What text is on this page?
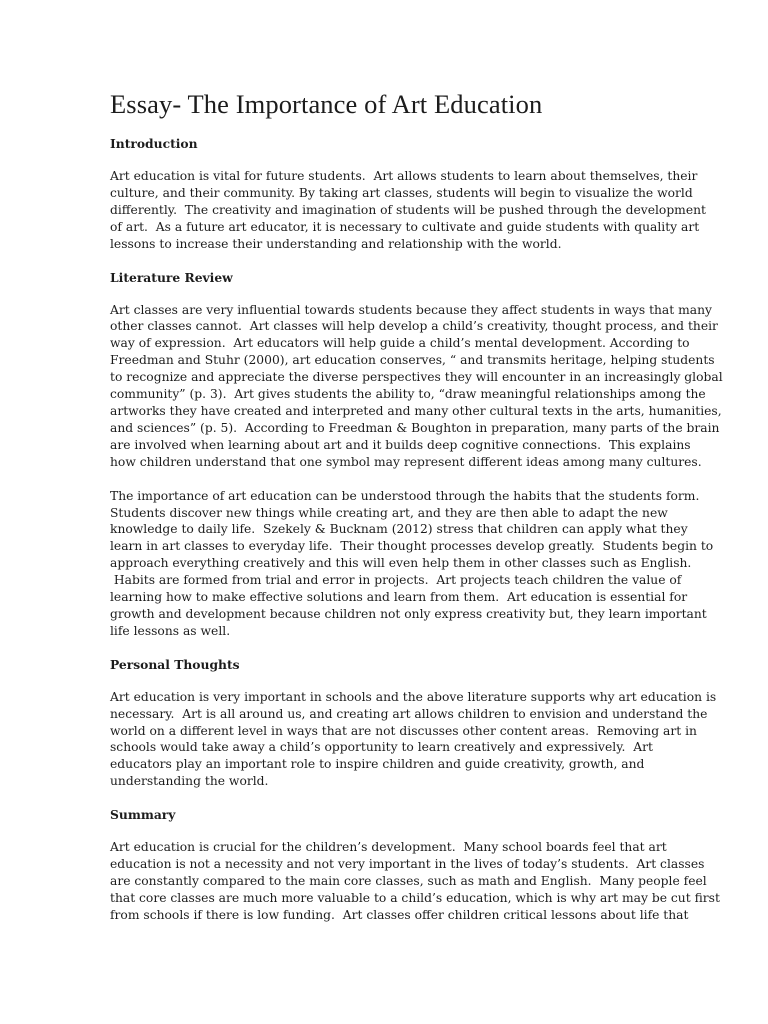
Essay- The Importance of Art Education
Introduction
Art education is vital for future students.  Art allows students to learn about themselves, their
culture, and their community. By taking art classes, students will begin to visualize the world
differently.  The creativity and imagination of students will be pushed through the development
of art.  As a future art educator, it is necessary to cultivate and guide students with quality art
lessons to increase their understanding and relationship with the world.
Literature Review
Art classes are very influential towards students because they affect students in ways that many
other classes cannot.  Art classes will help develop a child’s creativity, thought process, and their
way of expression.  Art educators will help guide a child’s mental development. According to
Freedman and Stuhr (2000), art education conserves, “ and transmits heritage, helping students
to recognize and appreciate the diverse perspectives they will encounter in an increasingly global
community” (p. 3).  Art gives students the ability to, “draw meaningful relationships among the
artworks they have created and interpreted and many other cultural texts in the arts, humanities,
and sciences” (p. 5).  According to Freedman & Boughton in preparation, many parts of the brain
are involved when learning about art and it builds deep cognitive connections.  This explains
how children understand that one symbol may represent different ideas among many cultures.
The importance of art education can be understood through the habits that the students form.
Students discover new things while creating art, and they are then able to adapt the new
knowledge to daily life.  Szekely & Bucknam (2012) stress that children can apply what they
learn in art classes to everyday life.  Their thought processes develop greatly.  Students begin to
approach everything creatively and this will even help them in other classes such as English.
Habits are formed from trial and error in projects.  Art projects teach children the value of
learning how to make effective solutions and learn from them.  Art education is essential for
growth and development because children not only express creativity but, they learn important
life lessons as well.
Personal Thoughts
Art education is very important in schools and the above literature supports why art education is
necessary.  Art is all around us, and creating art allows children to envision and understand the
world on a different level in ways that are not discusses other content areas.  Removing art in
schools would take away a child’s opportunity to learn creatively and expressively.  Art
educators play an important role to inspire children and guide creativity, growth, and
understanding the world.
Summary
Art education is crucial for the children’s development.  Many school boards feel that art
education is not a necessity and not very important in the lives of today’s students.  Art classes
are constantly compared to the main core classes, such as math and English.  Many people feel
that core classes are much more valuable to a child’s education, which is why art may be cut first
from schools if there is low funding.  Art classes offer children critical lessons about life that
